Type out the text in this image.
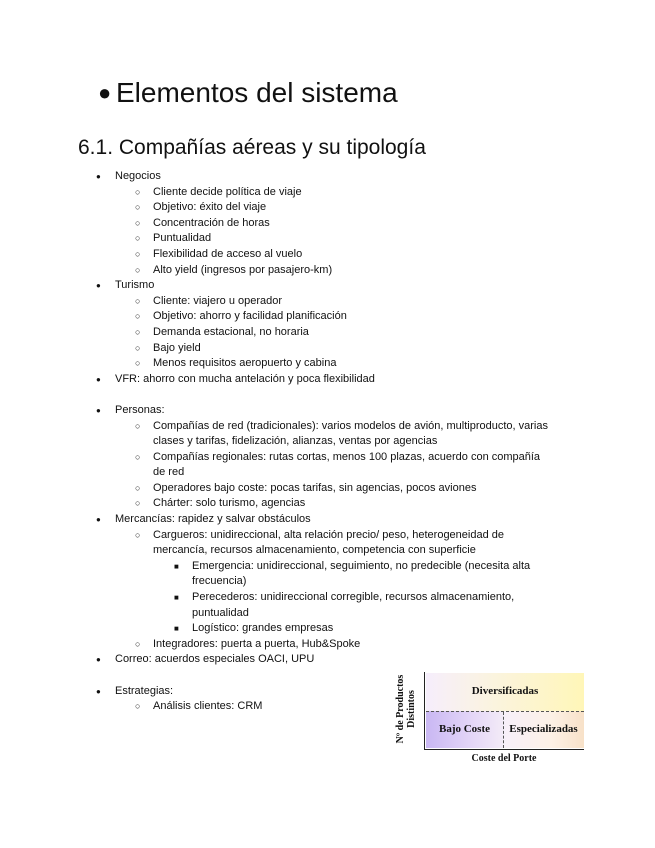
● Elementos del sistema
6.1. Compañías aéreas y su tipología
● Negocios
○ Cliente decide política de viaje
○ Objetivo: éxito del viaje
○ Concentración de horas
○ Puntualidad
○ Flexibilidad de acceso al vuelo
○ Alto yield (ingresos por pasajero-km)
● Turismo
○ Cliente: viajero u operador
○ Objetivo: ahorro y facilidad planificación
○ Demanda estacional, no horaria
○ Bajo yield
○ Menos requisitos aeropuerto y cabina
● VFR: ahorro con mucha antelación y poca flexibilidad
● Personas:
○ Compañías de red (tradicionales): varios modelos de avión, multiproducto, varias
clases y tarifas, fidelización, alianzas, ventas por agencias
○ Compañías regionales: rutas cortas, menos 100 plazas, acuerdo con compañía
de red
○ Operadores bajo coste: pocas tarifas, sin agencias, pocos aviones
○ Chárter: solo turismo, agencias
● Mercancías: rapidez y salvar obstáculos
○ Cargueros: unidireccional, alta relación precio/ peso, heterogeneidad de
mercancía, recursos almacenamiento, competencia con superficie
■ Emergencia: unidireccional, seguimiento, no predecible (necesita alta
frecuencia)
■ Perecederos: unidireccional corregible, recursos almacenamiento,
puntualidad
■ Logístico: grandes empresas
○ Integradores: puerta a puerta, Hub&Spoke
● Correo: acuerdos especiales OACI, UPU
● Estrategias:
○ Análisis clientes: CRM	Nº de Productos Distintos	Diversificadas
Bajo Coste	Especializadas
Coste del Porte
